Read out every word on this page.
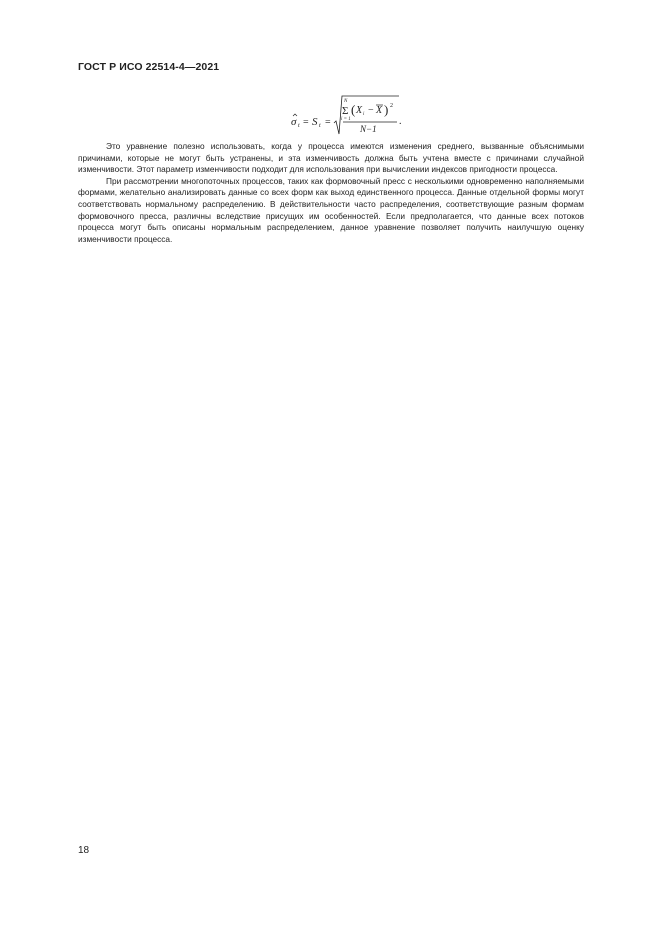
ГОСТ Р ИСО 22514-4—2021
σ t = S t =
N
Σ
i = 1
( X i − X ) 2
N−1
.

Это уравнение полезно использовать, когда у процесса имеются изменения среднего, вызванные объяснимыми причинами, которые не могут быть устранены, и эта изменчивость должна быть учтена вместе с причинами случайной изменчивости. Этот параметр изменчивости подходит для использования при вычислении индексов пригодности процесса.

При рассмотрении многопоточных процессов, таких как формовочный пресс с несколькими одновременно наполняемыми формами, желательно анализировать данные со всех форм как выход единственного процесса. Данные отдельной формы могут соответствовать нормальному распределению. В действительности часто распределения, соответствующие разным формам формовочного пресса, различны вследствие присущих им особенностей. Если предполагается, что данные всех потоков процесса могут быть описаны нормальным распределением, данное уравнение позволяет получить наилучшую оценку изменчивости процесса.

18
